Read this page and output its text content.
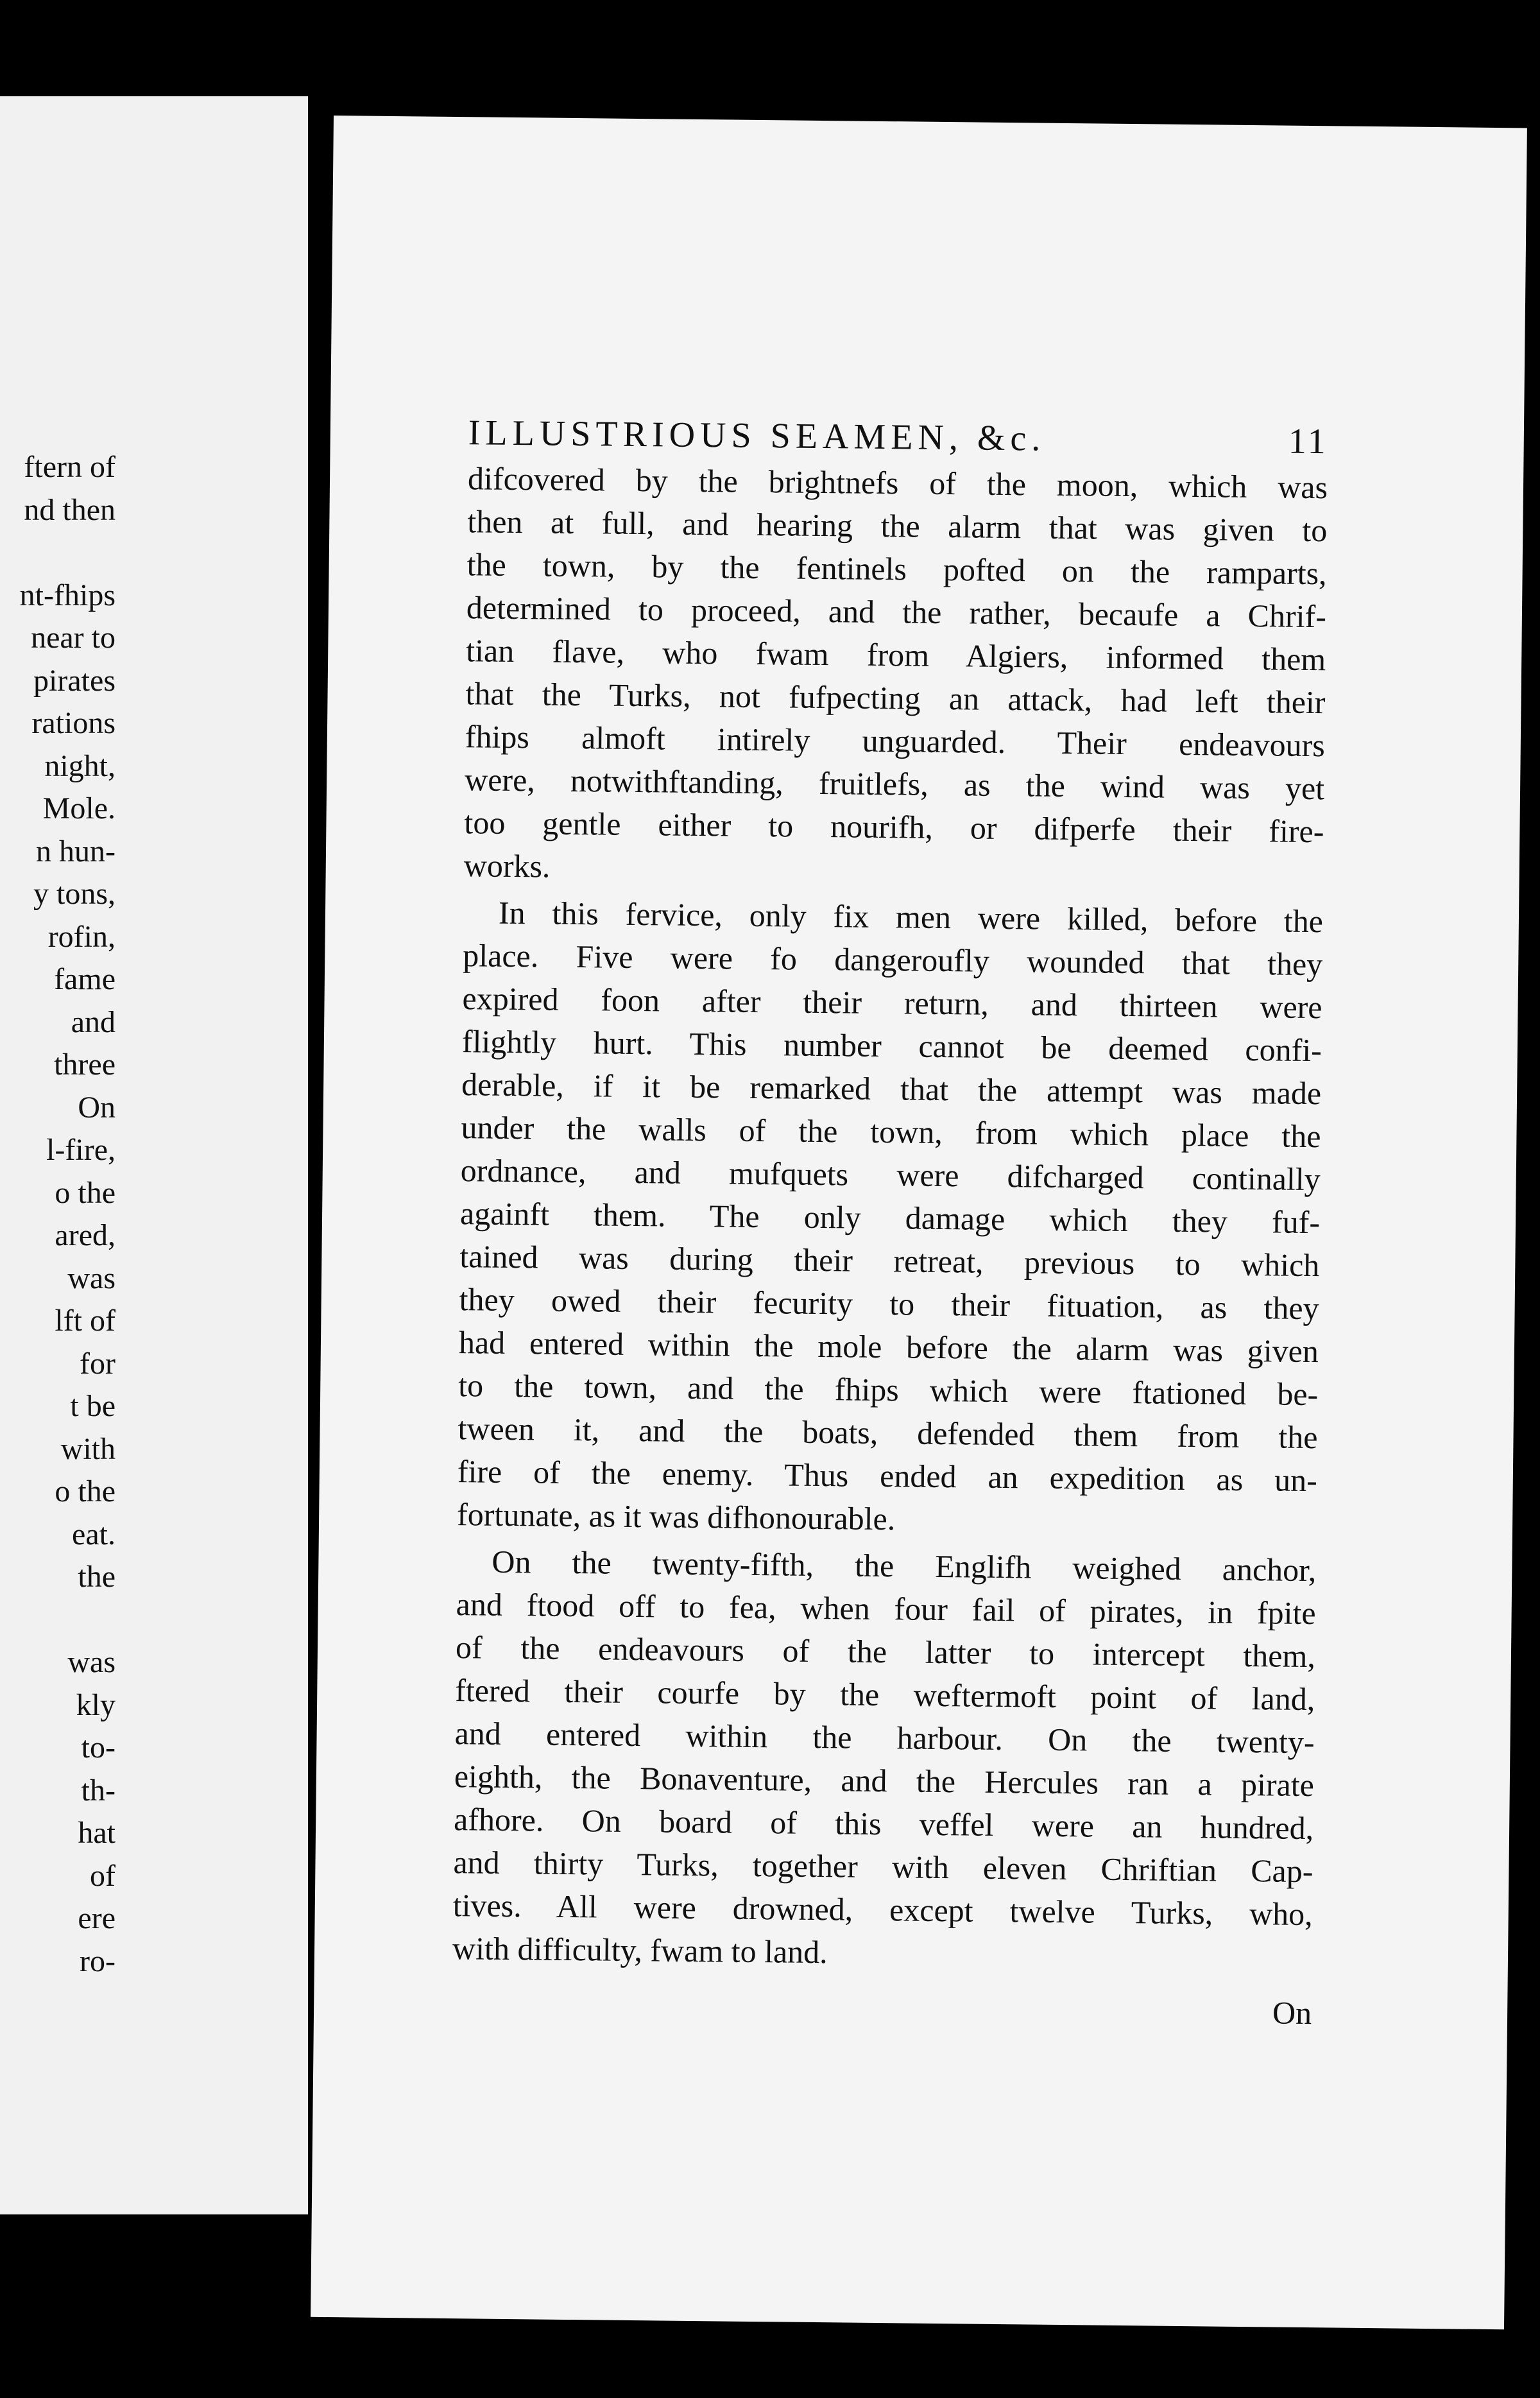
ftern of
nd then
nt-fhips
near to
pirates
rations
night,
Mole.
n hun-
y tons,
rofin,
fame
and
three
On
l-fire,
o the
ared,
was
lft of
for
t be
with
o the
eat.
the
was
kly
to-
th-
hat
of
ere
ro-
ILLUSTRIOUS SEAMEN, &c.	11

difcovered by the brightnefs of the moon, which was
then at full, and hearing the alarm that was given to
the town, by the fentinels pofted on the ramparts,
determined to proceed, and the rather, becaufe a Chrif-
tian flave, who fwam from Algiers, informed them
that the Turks, not fufpecting an attack, had left their
fhips almoft intirely unguarded. Their endeavours
were, notwithftanding, fruitlefs, as the wind was yet
too gentle either to nourifh, or difperfe their fire-
works.

In this fervice, only fix men were killed, before the
place. Five were fo dangeroufly wounded that they
expired foon after their return, and thirteen were
flightly hurt. This number cannot be deemed confi-
derable, if it be remarked that the attempt was made
under the walls of the town, from which place the
ordnance, and mufquets were difcharged continally
againft them. The only damage which they fuf-
tained was during their retreat, previous to which
they owed their fecurity to their fituation, as they
had entered within the mole before the alarm was given
to the town, and the fhips which were ftationed be-
tween it, and the boats, defended them from the
fire of the enemy. Thus ended an expedition as un-
fortunate, as it was difhonourable.

On the twenty-fifth, the Englifh weighed anchor,
and ftood off to fea, when four fail of pirates, in fpite
of the endeavours of the latter to intercept them,
ftered their courfe by the weftermoft point of land,
and entered within the harbour. On the twenty-
eighth, the Bonaventure, and the Hercules ran a pirate
afhore. On board of this veffel were an hundred,
and thirty Turks, together with eleven Chriftian Cap-
tives. All were drowned, except twelve Turks, who,
with difficulty, fwam to land.

On
